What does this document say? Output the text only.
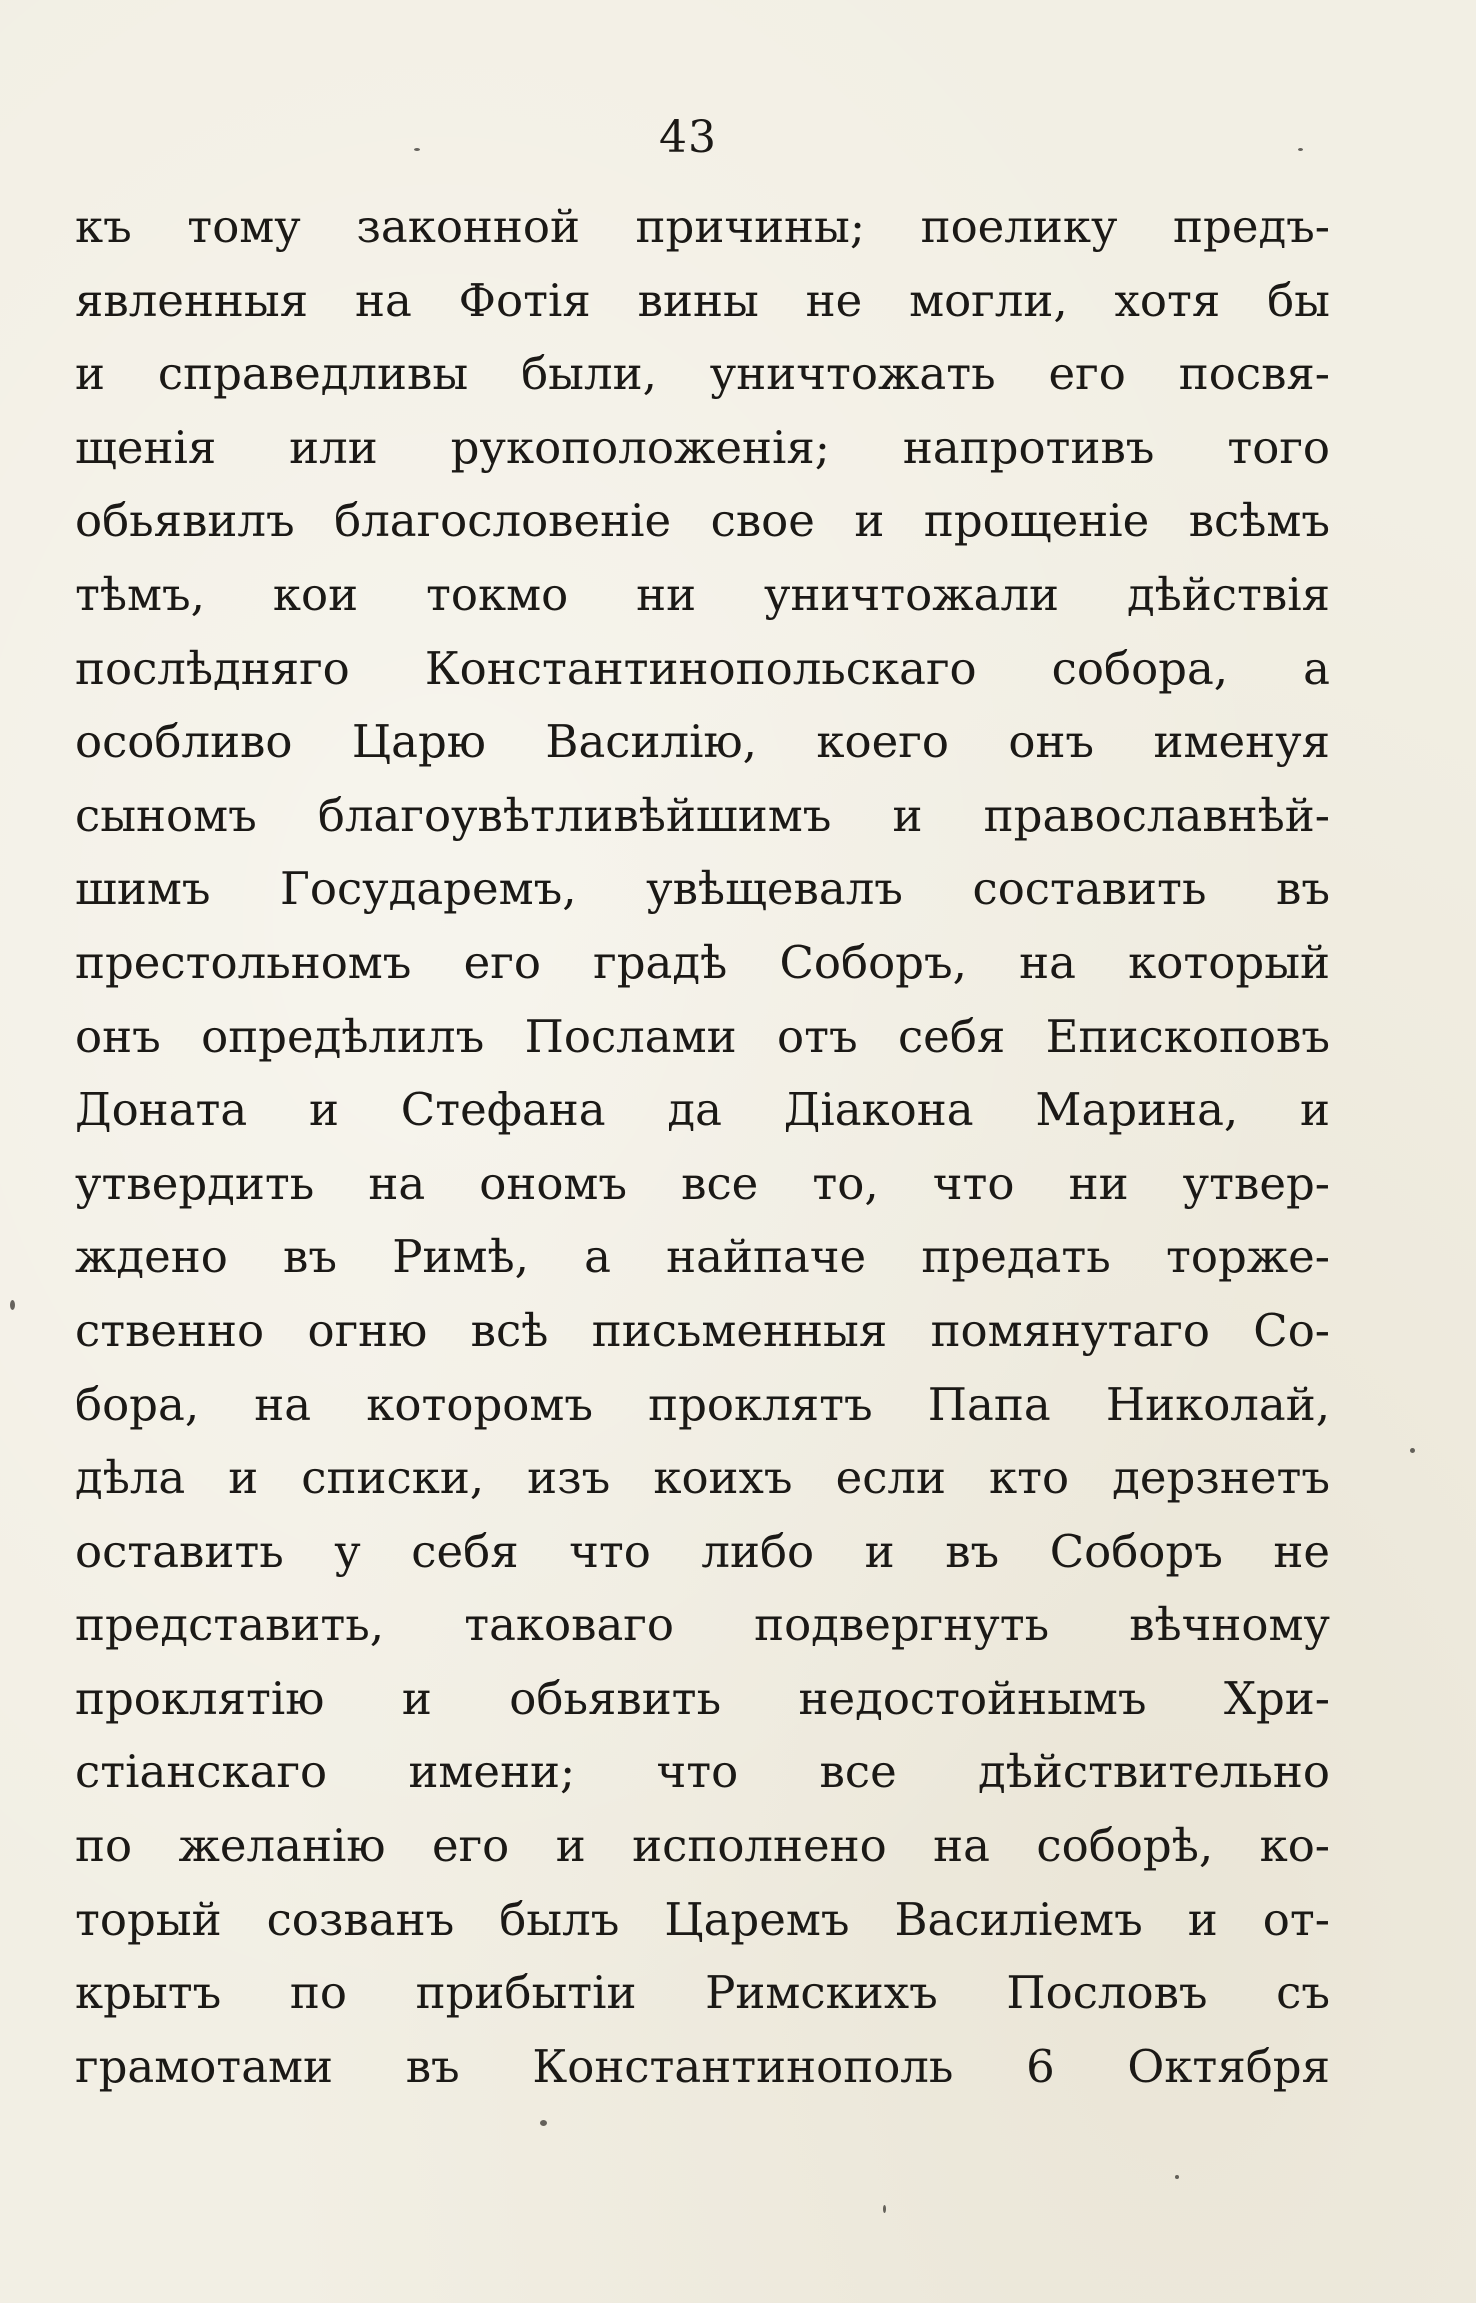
43
къ тому законной причины; поелику предъ-
явленныя на Фотія вины не могли, хотя бы
и справедливы были, уничтожать его посвя-
щенія или рукоположенія; напротивъ того
обьявилъ благословеніе свое и прощеніе всѣмъ
тѣмъ, кои токмо ни уничтожали дѣйствія
послѣдняго Константинопольскаго собора, а
особливо Царю Василію, коего онъ именуя
сыномъ благоувѣтливѣйшимъ и православнѣй-
шимъ Государемъ, увѣщевалъ составить въ
престольномъ его градѣ Соборъ, на который
онъ опредѣлилъ Послами отъ себя Епископовъ
Доната и Стефана да Діакона Марина, и
утвердить на ономъ все то, что ни утвер-
ждено въ Римѣ, а найпаче предать торже-
ственно огню всѣ письменныя помянутаго Со-
бора, на которомъ проклятъ Папа Николай,
дѣла и списки, изъ коихъ если кто дерзнетъ
оставить у себя что либо и въ Соборъ не
представить, таковаго подвергнуть вѣчному
проклятію и обьявить недостойнымъ Хри-
стіанскаго имени; что все дѣйствительно
по желанію его и исполнено на соборѣ, ко-
торый созванъ былъ Царемъ Василіемъ и от-
крытъ по прибытіи Римскихъ Пословъ съ
грамотами въ Константинополь 6 Октября
